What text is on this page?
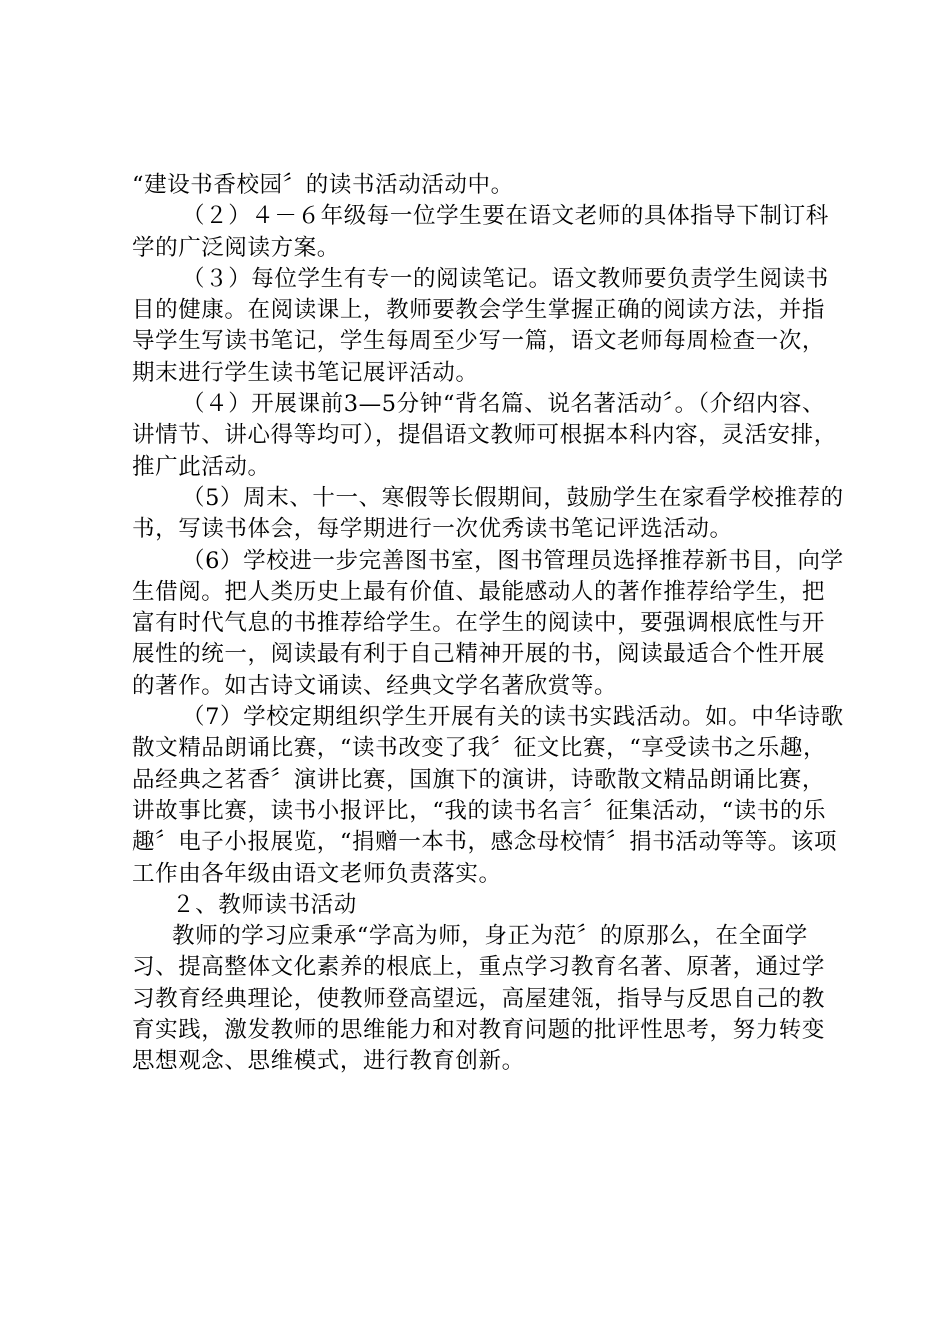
“建设书香校园〞的读书活动活动中。

（２）４－６年级每一位学生要在语文老师的具体指导下制订科学的广泛阅读方案。

（３）每位学生有专一的阅读笔记。语文教师要负责学生阅读书目的健康。在阅读课上，教师要教会学生掌握正确的阅读方法，并指导学生写读书笔记，学生每周至少写一篇，语文老师每周检查一次，期末进行学生读书笔记展评活动。

（４）开展课前3—5分钟“背名篇、说名著活动〞。（介绍内容、讲情节、讲心得等均可），提倡语文教师可根据本科内容，灵活安排，推广此活动。

（5）周末、十一、寒假等长假期间，鼓励学生在家看学校推荐的书，写读书体会，每学期进行一次优秀读书笔记评选活动。

（6）学校进一步完善图书室，图书管理员选择推荐新书目，向学生借阅。把人类历史上最有价值、最能感动人的著作推荐给学生，把富有时代气息的书推荐给学生。在学生的阅读中，要强调根底性与开展性的统一，阅读最有利于自己精神开展的书，阅读最适合个性开展的著作。如古诗文诵读、经典文学名著欣赏等。

（7）学校定期组织学生开展有关的读书实践活动。如。中华诗歌散文精品朗诵比赛，“读书改变了我〞征文比赛，“享受读书之乐趣，品经典之茗香〞演讲比赛，国旗下的演讲，诗歌散文精品朗诵比赛，讲故事比赛，读书小报评比，“我的读书名言〞征集活动，“读书的乐趣〞电子小报展览，“捐赠一本书，感念母校情〞捐书活动等等。该项工作由各年级由语文老师负责落实。

２、教师读书活动

教师的学习应秉承“学高为师，身正为范〞的原那么，在全面学习、提高整体文化素养的根底上，重点学习教育名著、原著，通过学习教育经典理论，使教师登高望远，高屋建瓴，指导与反思自己的教育实践，激发教师的思维能力和对教育问题的批评性思考，努力转变思想观念、思维模式，进行教育创新。
